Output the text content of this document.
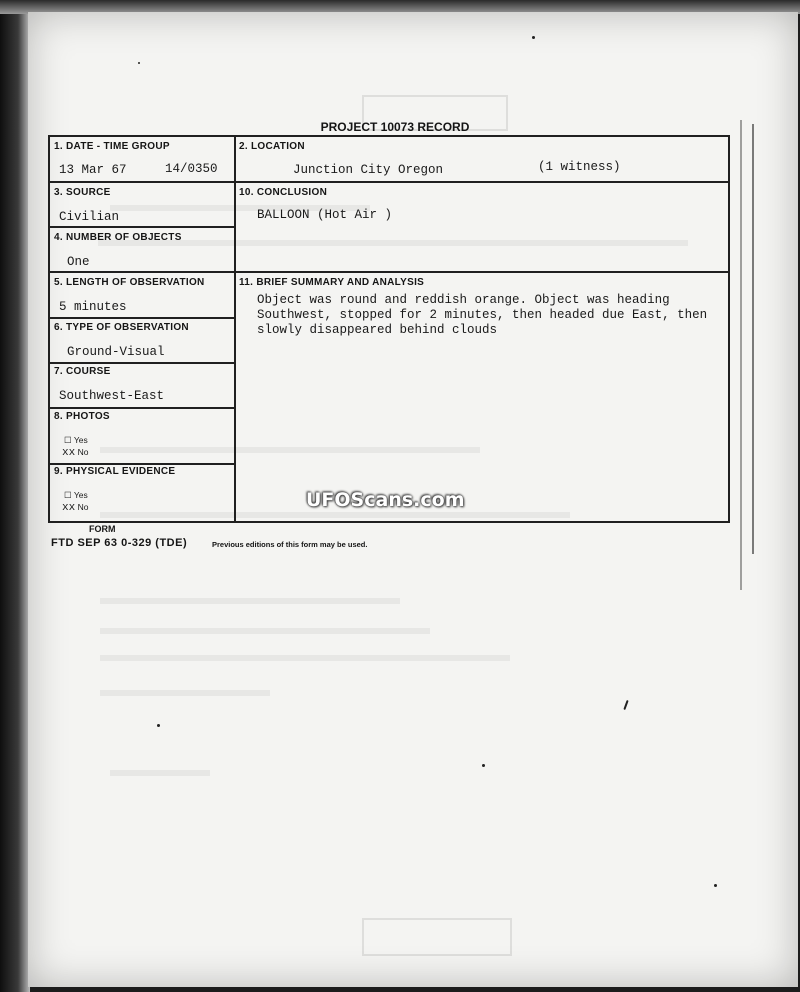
PROJECT 10073 RECORD
1. DATE - TIME GROUP
13 Mar 67	14/0350
2. LOCATION
Junction City Oregon	(1 witness)
3. SOURCE
Civilian
10. CONCLUSION
BALLOON (Hot Air )
4. NUMBER OF OBJECTS
One
5. LENGTH OF OBSERVATION
5 minutes
11. BRIEF SUMMARY AND ANALYSIS
Object was round and reddish orange. Object was heading
Southwest, stopped for 2 minutes, then headed due East, then
slowly disappeared behind clouds
6. TYPE OF OBSERVATION
Ground-Visual
7. COURSE
Southwest-East
8. PHOTOS
☐ Yes
xx No
9. PHYSICAL EVIDENCE
☐ Yes
xx No
FORM
FTD SEP 63 0-329 (TDE)	Previous editions of this form may be used.
UFOScans.com
